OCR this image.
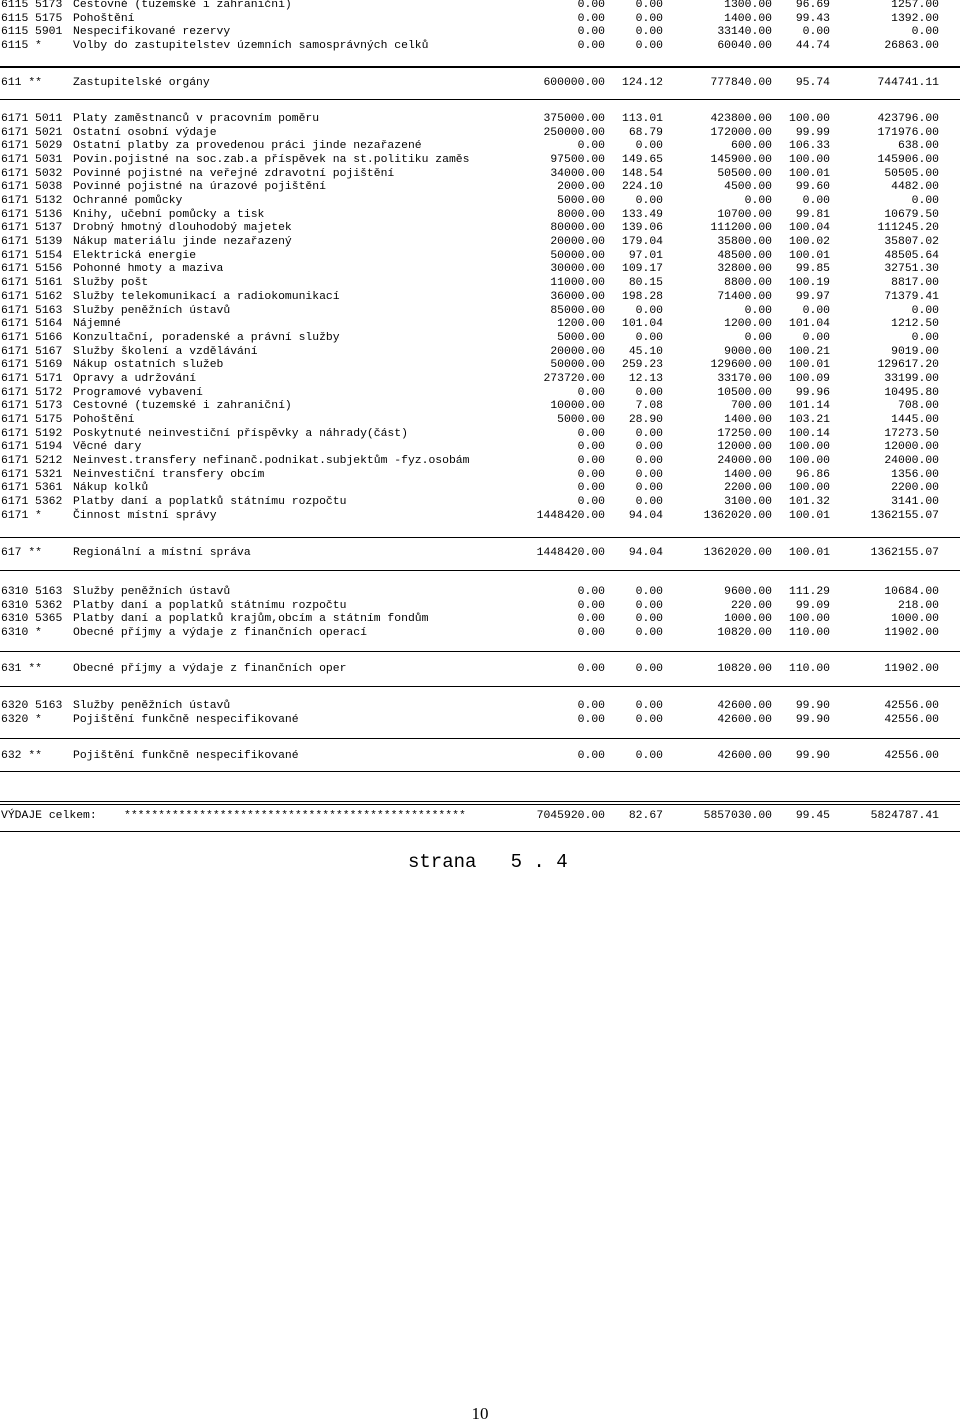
6115 5173 Cestovné (tuzemské i zahraniční)	0.00	0.00	1300.00 96.69	1257.00
6115 5175 Pohoštění	0.00	0.00	1400.00 99.43	1392.00
6115 5901 Nespecifikované rezervy	0.00	0.00	33140.00	0.00	0.00
6115 *	Volby do zastupitelstev územních samosprávných celků	0.00	0.00	60040.00 44.74	26863.00
611 **	Zastupitelské orgány	600000.00 124.12	777840.00 95.74	744741.11
6171 5011 Platy zaměstnanců v pracovním poměru	375000.00 113.01	423800.00 100.00	423796.00
6171 5021 Ostatní osobní výdaje	250000.00 68.79	172000.00 99.99	171976.00
6171 5029 Ostatní platby za provedenou práci jinde nezařazené	0.00	0.00	600.00 106.33	638.00
6171 5031 Povin.pojistné na soc.zab.a příspěvek na st.politiku zaměs	97500.00 149.65	145900.00 100.00	145906.00
6171 5032 Povinné pojistné na veřejné zdravotní pojištění	34000.00 148.54	50500.00 100.01	50505.00
6171 5038 Povinné pojistné na úrazové pojištění	2000.00 224.10	4500.00 99.60	4482.00
6171 5132 Ochranné pomůcky	5000.00	0.00	0.00	0.00	0.00
6171 5136 Knihy, učební pomůcky a tisk	8000.00 133.49	10700.00 99.81	10679.50
6171 5137 Drobný hmotný dlouhodobý majetek	80000.00 139.06	111200.00 100.04	111245.20
6171 5139 Nákup materiálu jinde nezařazený	20000.00 179.04	35800.00 100.02	35807.02
6171 5154 Elektrická energie	50000.00 97.01	48500.00 100.01	48505.64
6171 5156 Pohonné hmoty a maziva	30000.00 109.17	32800.00 99.85	32751.30
6171 5161 Služby pošt	11000.00 80.15	8800.00 100.19	8817.00
6171 5162 Služby telekomunikací a radiokomunikací	36000.00 198.28	71400.00 99.97	71379.41
6171 5163 Služby peněžních ústavů	85000.00	0.00	0.00	0.00	0.00
6171 5164 Nájemné	1200.00 101.04	1200.00 101.04	1212.50
6171 5166 Konzultační, poradenské a právní služby	5000.00	0.00	0.00	0.00	0.00
6171 5167 Služby školení a vzdělávání	20000.00 45.10	9000.00 100.21	9019.00
6171 5169 Nákup ostatních služeb	50000.00 259.23	129600.00 100.01	129617.20
6171 5171 Opravy a udržování	273720.00 12.13	33170.00 100.09	33199.00
6171 5172 Programové vybavení	0.00	0.00	10500.00 99.96	10495.80
6171 5173 Cestovné (tuzemské i zahraniční)	10000.00	7.08	700.00 101.14	708.00
6171 5175 Pohoštění	5000.00 28.90	1400.00 103.21	1445.00
6171 5192 Poskytnuté neinvestiční příspěvky a náhrady(část)	0.00	0.00	17250.00 100.14	17273.50
6171 5194 Věcné dary	0.00	0.00	12000.00 100.00	12000.00
6171 5212 Neinvest.transfery nefinanč.podnikat.subjektům -fyz.osobám	0.00	0.00	24000.00 100.00	24000.00
6171 5321 Neinvestiční transfery obcím	0.00	0.00	1400.00 96.86	1356.00
6171 5361 Nákup kolků	0.00	0.00	2200.00 100.00	2200.00
6171 5362 Platby daní a poplatků státnímu rozpočtu	0.00	0.00	3100.00 101.32	3141.00
6171 *	Činnost místní správy	1448420.00 94.04	1362020.00 100.01	1362155.07
617 **	Regionální a místní správa	1448420.00 94.04	1362020.00 100.01	1362155.07
6310 5163 Služby peněžních ústavů	0.00	0.00	9600.00 111.29	10684.00
6310 5362 Platby daní a poplatků státnímu rozpočtu	0.00	0.00	220.00 99.09	218.00
6310 5365 Platby daní a poplatků krajům,obcím a státním fondům	0.00	0.00	1000.00 100.00	1000.00
6310 *	Obecné příjmy a výdaje z finančních operací	0.00	0.00	10820.00 110.00	11902.00
631 **	Obecné příjmy a výdaje z finančních oper	0.00	0.00	10820.00 110.00	11902.00
6320 5163 Služby peněžních ústavů	0.00	0.00	42600.00 99.90	42556.00
6320 *	Pojištění funkčně nespecifikované	0.00	0.00	42600.00 99.90	42556.00
632 **	Pojištění funkčně nespecifikované	0.00	0.00	42600.00 99.90	42556.00
VÝDAJE celkem: **************************************************	7045920.00 82.67	5857030.00 99.45	5824787.41
strana   5 . 4
10
